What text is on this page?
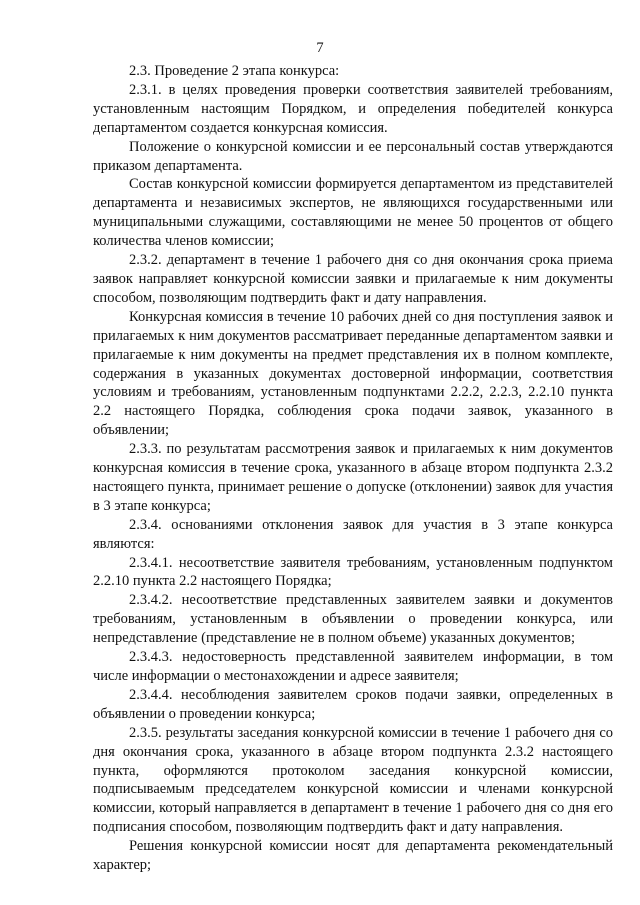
7

2.3. Проведение 2 этапа конкурса:

2.3.1. в целях проведения проверки соответствия заявителей требованиям, установленным настоящим Порядком, и определения победителей конкурса департаментом создается конкурсная комиссия.

Положение о конкурсной комиссии и ее персональный состав утверждаются приказом департамента.

Состав конкурсной комиссии формируется департаментом из представителей департамента и независимых экспертов, не являющихся государственными или муниципальными служащими, составляющими не менее 50 процентов от общего количества членов комиссии;

2.3.2. департамент в течение 1 рабочего дня со дня окончания срока приема заявок направляет конкурсной комиссии заявки и прилагаемые к ним документы способом, позволяющим подтвердить факт и дату направления.

Конкурсная комиссия в течение 10 рабочих дней со дня поступления заявок и прилагаемых к ним документов рассматривает переданные департаментом заявки и прилагаемые к ним документы на предмет представления их в полном комплекте, содержания в указанных документах достоверной информации, соответствия условиям и требованиям, установленным подпунктами 2.2.2, 2.2.3, 2.2.10 пункта 2.2 настоящего Порядка, соблюдения срока подачи заявок, указанного в объявлении;

2.3.3. по результатам рассмотрения заявок и прилагаемых к ним документов конкурсная комиссия в течение срока, указанного в абзаце втором подпункта 2.3.2 настоящего пункта, принимает решение о допуске (отклонении) заявок для участия в 3 этапе конкурса;

2.3.4. основаниями отклонения заявок для участия в 3 этапе конкурса являются:

2.3.4.1. несоответствие заявителя требованиям, установленным подпунктом 2.2.10 пункта 2.2 настоящего Порядка;

2.3.4.2. несоответствие представленных заявителем заявки и документов требованиям, установленным в объявлении о проведении конкурса, или непредставление (представление не в полном объеме) указанных документов;

2.3.4.3. недостоверность представленной заявителем информации, в том числе информации о местонахождении и адресе заявителя;

2.3.4.4. несоблюдения заявителем сроков подачи заявки, определенных в объявлении о проведении конкурса;

2.3.5. результаты заседания конкурсной комиссии в течение 1 рабочего дня со дня окончания срока, указанного в абзаце втором подпункта 2.3.2 настоящего пункта, оформляются протоколом заседания конкурсной комиссии, подписываемым председателем конкурсной комиссии и членами конкурсной комиссии, который направляется в департамент в течение 1 рабочего дня со дня его подписания способом, позволяющим подтвердить факт и дату направления.

Решения конкурсной комиссии носят для департамента рекомендательный характер;
